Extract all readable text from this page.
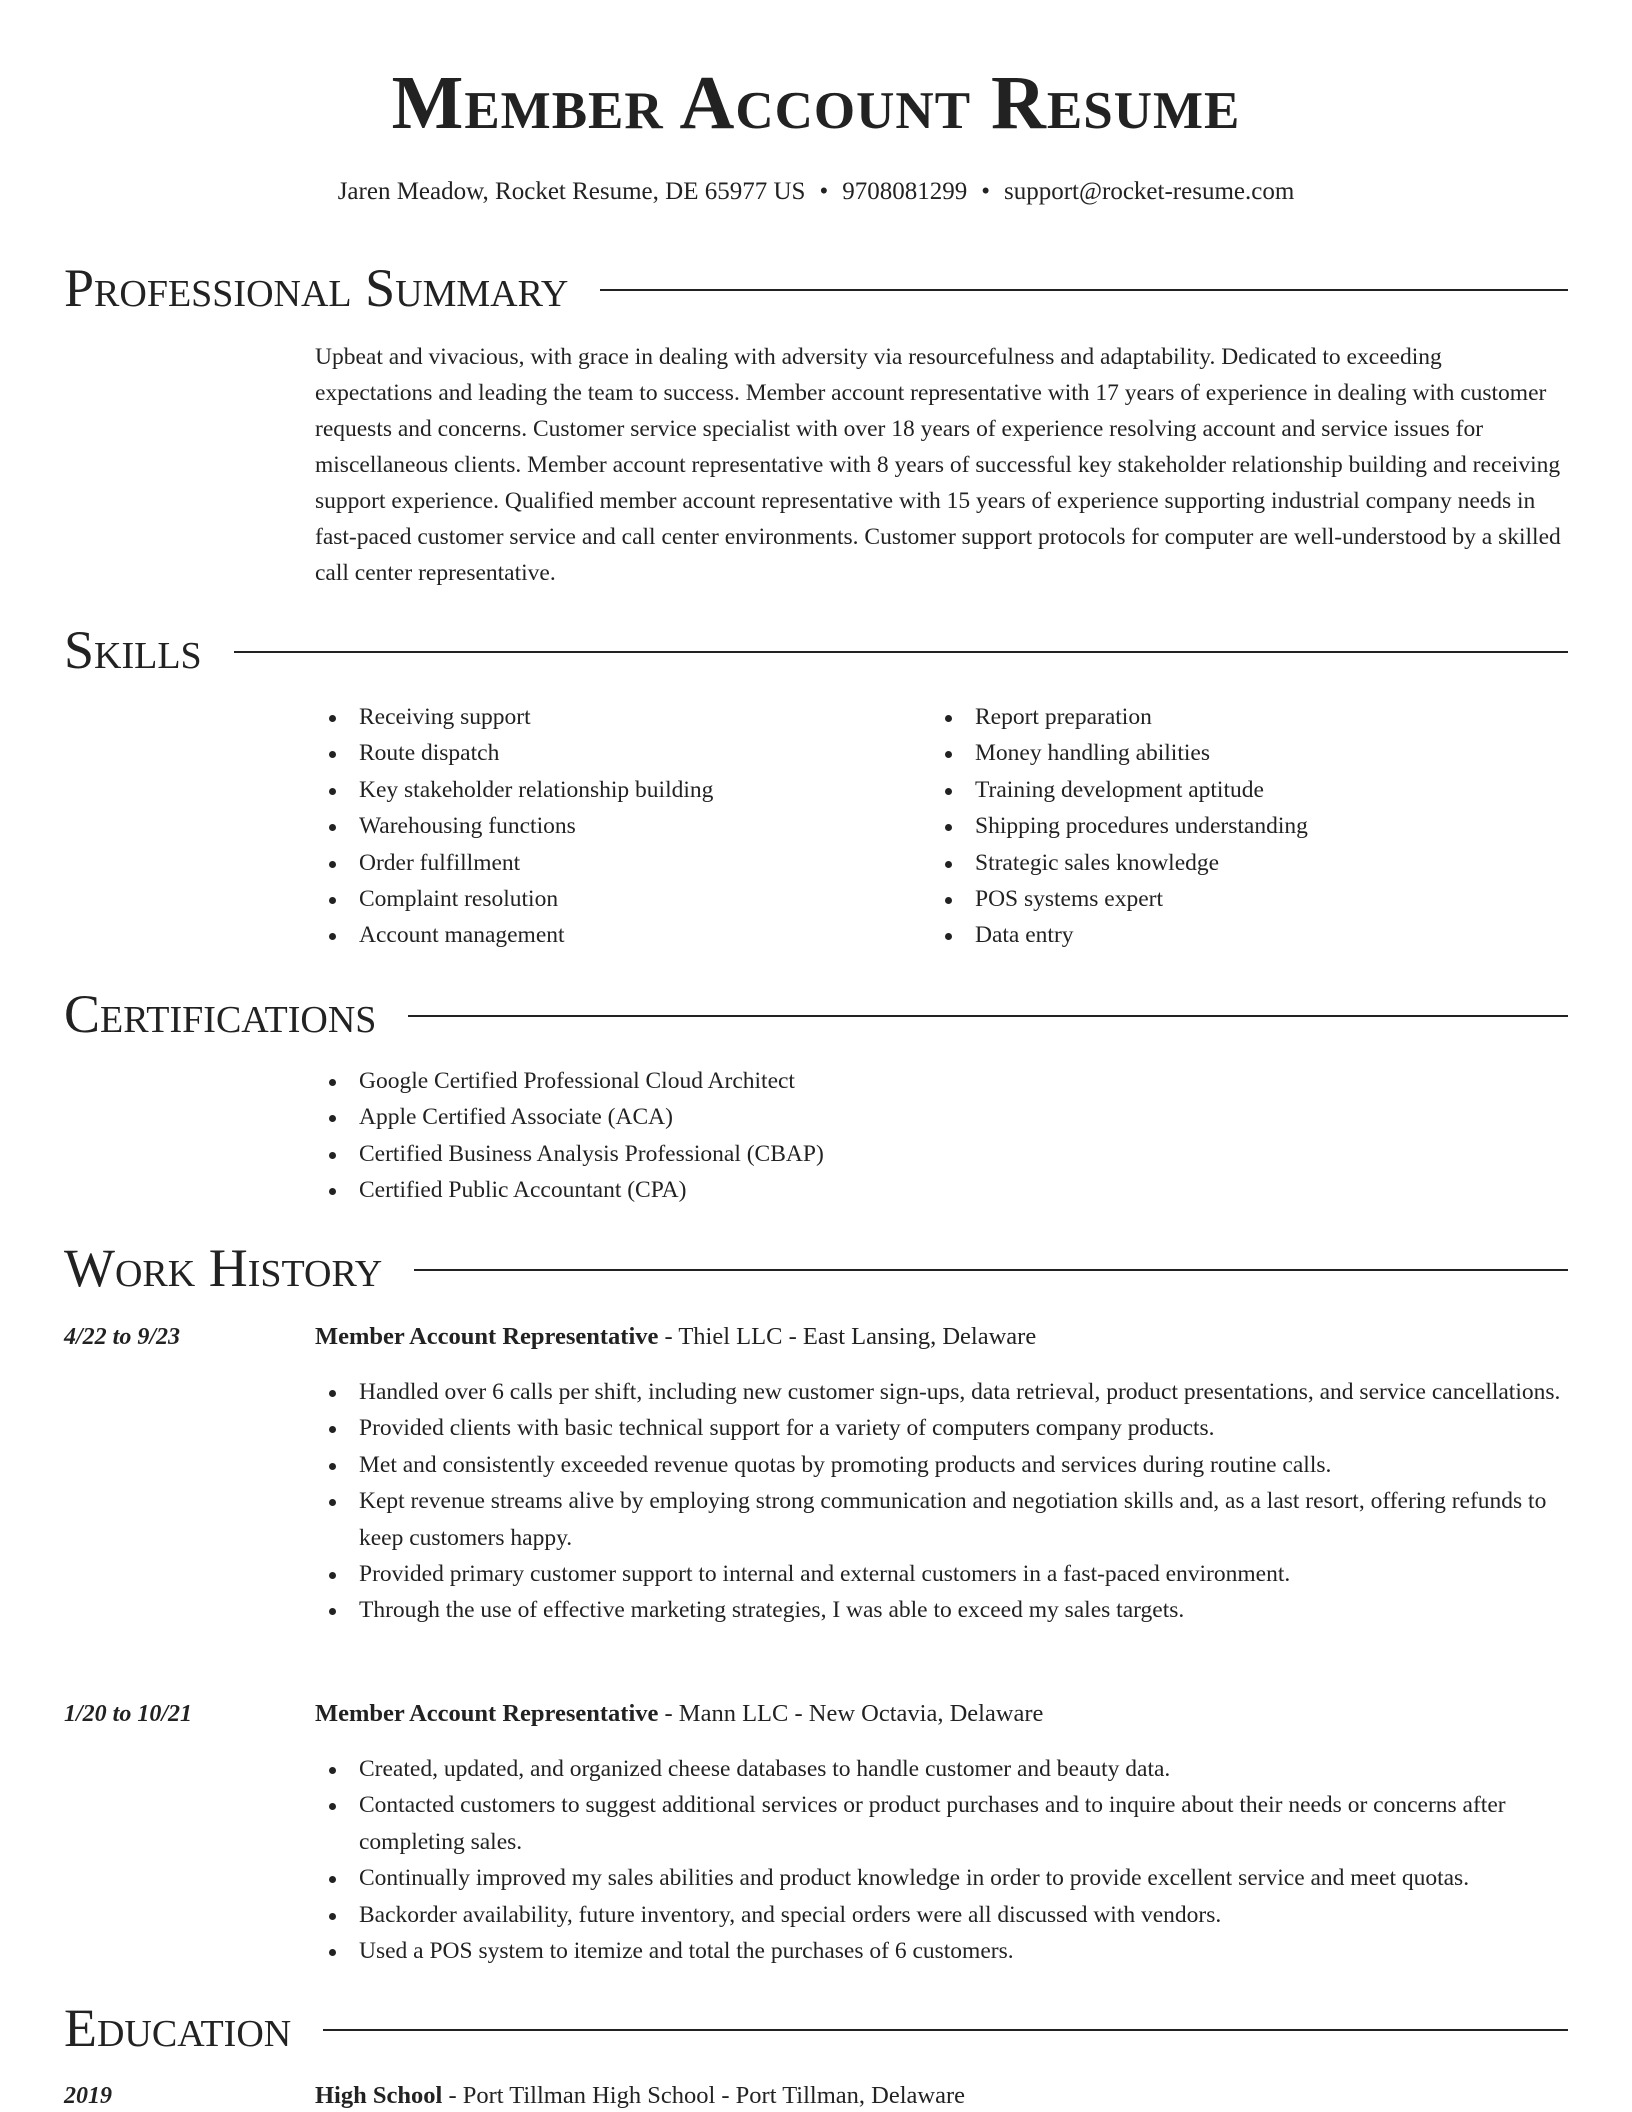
Member Account Resume
Jaren Meadow, Rocket Resume, DE 65977 US • 9708081299 • support@rocket-resume.com
Professional Summary

Upbeat and vivacious, with grace in dealing with adversity via resourcefulness and adaptability. Dedicated to exceeding expectations and leading the team to success. Member account representative with 17 years of experience in dealing with customer requests and concerns. Customer service specialist with over 18 years of experience resolving account and service issues for miscellaneous clients. Member account representative with 8 years of successful key stakeholder relationship building and receiving support experience. Qualified member account representative with 15 years of experience supporting industrial company needs in fast-paced customer service and call center environments. Customer support protocols for computer are well-understood by a skilled call center representative.

Skills
Receiving support
Route dispatch
Key stakeholder relationship building
Warehousing functions
Order fulfillment
Complaint resolution
Account management
Report preparation
Money handling abilities
Training development aptitude
Shipping procedures understanding
Strategic sales knowledge
POS systems expert
Data entry
Certifications
Google Certified Professional Cloud Architect
Apple Certified Associate (ACA)
Certified Business Analysis Professional (CBAP)
Certified Public Accountant (CPA)
Work History
4/22 to 9/23	Member Account Representative - Thiel LLC - East Lansing, Delaware
Handled over 6 calls per shift, including new customer sign-ups, data retrieval, product presentations, and service cancellations.
Provided clients with basic technical support for a variety of computers company products.
Met and consistently exceeded revenue quotas by promoting products and services during routine calls.
Kept revenue streams alive by employing strong communication and negotiation skills and, as a last resort, offering refunds to keep customers happy.
Provided primary customer support to internal and external customers in a fast-paced environment.
Through the use of effective marketing strategies, I was able to exceed my sales targets.
1/20 to 10/21	Member Account Representative - Mann LLC - New Octavia, Delaware
Created, updated, and organized cheese databases to handle customer and beauty data.
Contacted customers to suggest additional services or product purchases and to inquire about their needs or concerns after completing sales.
Continually improved my sales abilities and product knowledge in order to provide excellent service and meet quotas.
Backorder availability, future inventory, and special orders were all discussed with vendors.
Used a POS system to itemize and total the purchases of 6 customers.
Education
2019	High School - Port Tillman High School - Port Tillman, Delaware
